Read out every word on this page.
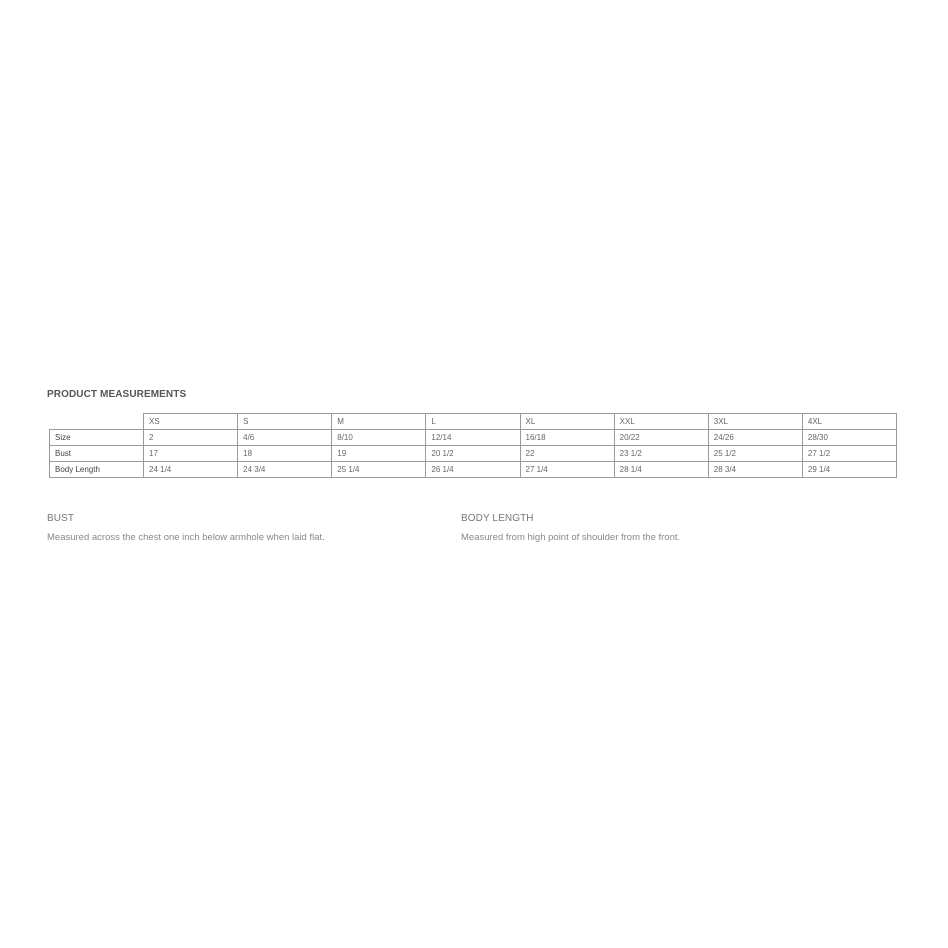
PRODUCT MEASUREMENTS
	XS	S	M	L	XL	XXL	3XL	4XL
Size	2	4/6	8/10	12/14	16/18	20/22	24/26	28/30
Bust	17	18	19	20 1/2	22	23 1/2	25 1/2	27 1/2
Body Length	24 1/4	24 3/4	25 1/4	26 1/4	27 1/4	28 1/4	28 3/4	29 1/4

BUST

Measured across the chest one inch below armhole when laid flat.

BODY LENGTH

Measured from high point of shoulder from the front.
